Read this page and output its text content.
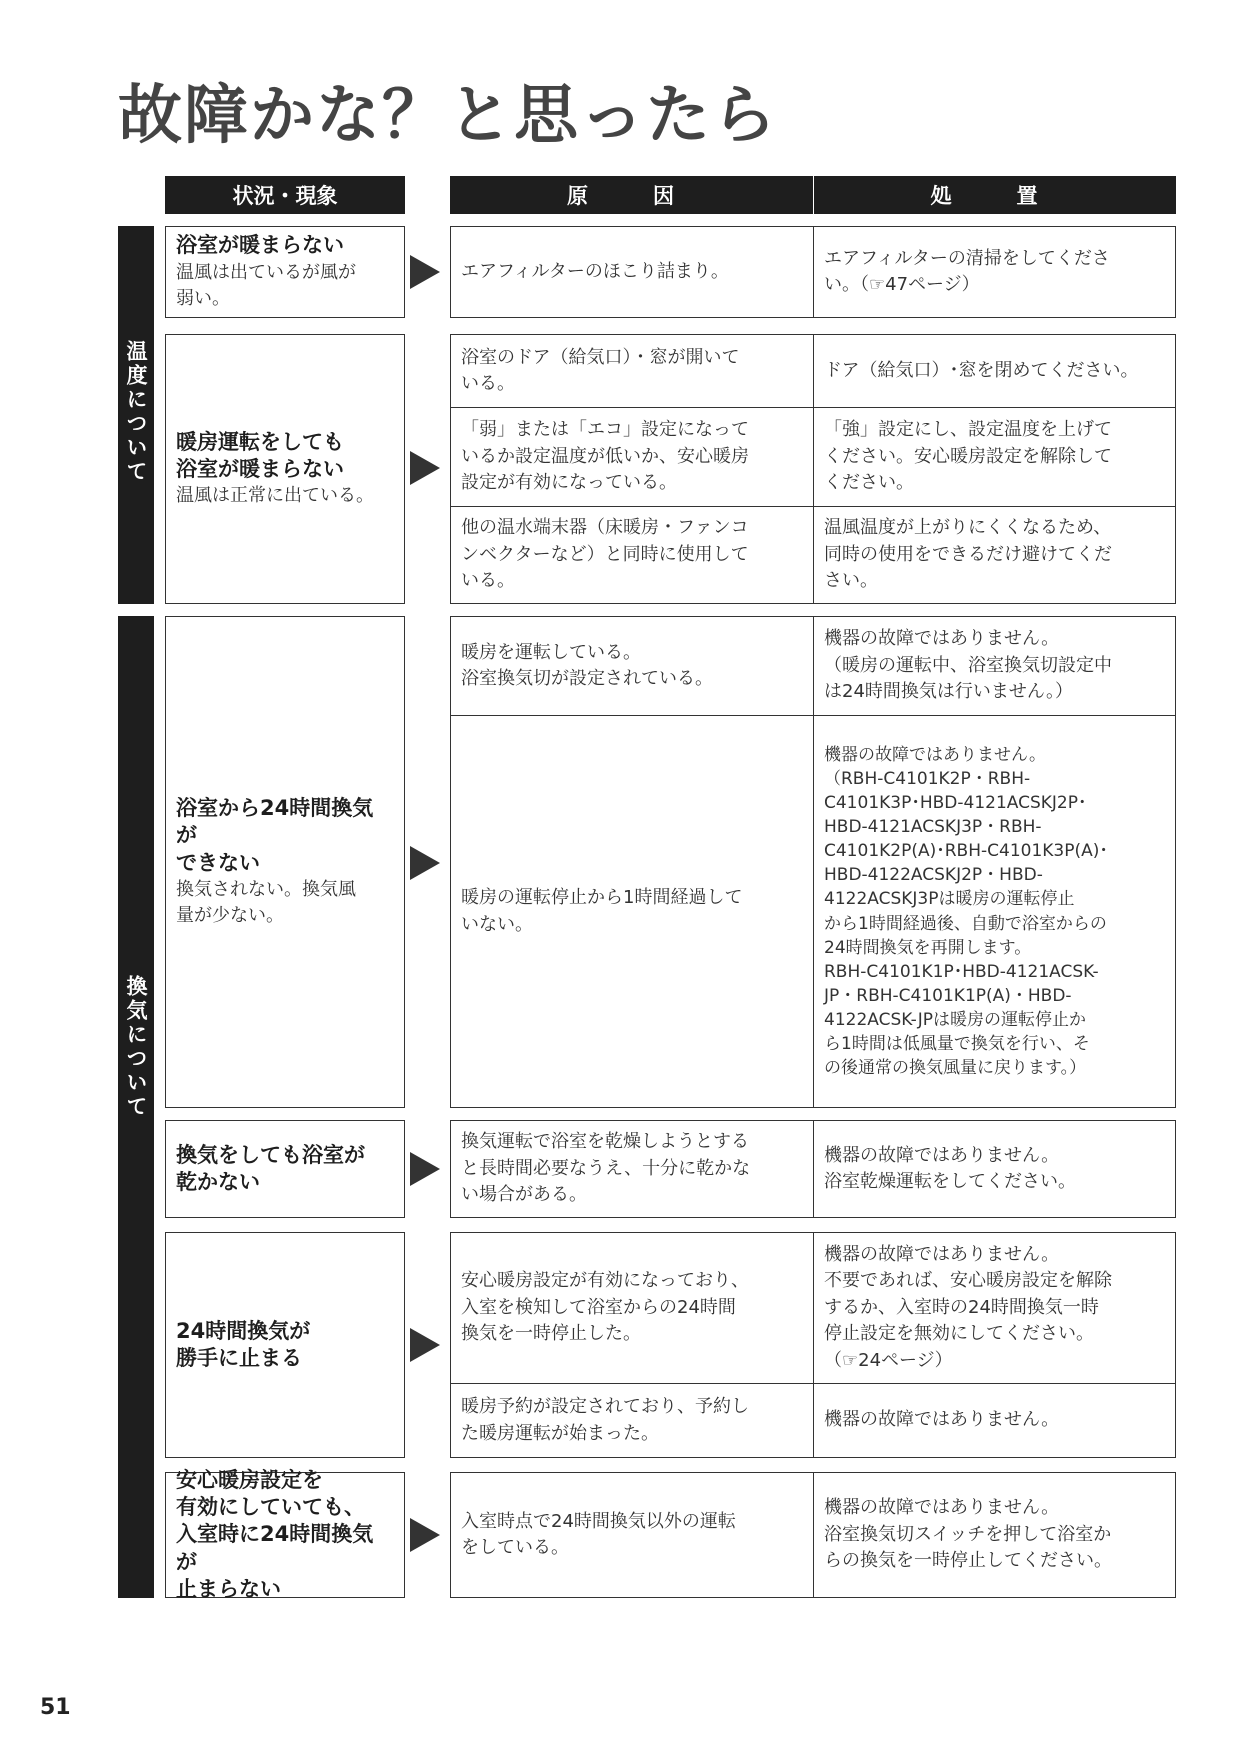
故障かな？と思ったら
状況・現象	原　因	処　置
温度について
換気について
浴室が暖まらない
温風は出ているが風が
弱い。
エアフィルターのほこり詰まり。
エアフィルターの清掃をしてくださ
い。（☞47ページ）
暖房運転をしても
浴室が暖まらない
温風は正常に出ている。
浴室のドア（給気口）・窓が開いて
いる。
ドア（給気口）･窓を閉めてください。
「弱」または「エコ」設定になって
いるか設定温度が低いか、安心暖房
設定が有効になっている。
「強」設定にし、設定温度を上げて
ください。安心暖房設定を解除して
ください。
他の温水端末器（床暖房・ファンコ
ンベクターなど）と同時に使用して
いる。
温風温度が上がりにくくなるため、
同時の使用をできるだけ避けてくだ
さい。
浴室から24時間換気が
できない
換気されない。換気風
量が少ない。
暖房を運転している。
浴室換気切が設定されている。
機器の故障ではありません。
（暖房の運転中、浴室換気切設定中
は24時間換気は行いません。）
暖房の運転停止から1時間経過して
いない。
機器の故障ではありません。
（RBH-C4101K2P・RBH-
C4101K3P･HBD-4121ACSKJ2P･
HBD-4121ACSKJ3P・RBH-
C4101K2P(A)･RBH-C4101K3P(A)･
HBD-4122ACSKJ2P・HBD-
4122ACSKJ3Pは暖房の運転停止
から1時間経過後、自動で浴室からの
24時間換気を再開します。
RBH-C4101K1P･HBD-4121ACSK-
JP・RBH-C4101K1P(A)・HBD-
4122ACSK-JPは暖房の運転停止か
ら1時間は低風量で換気を行い、そ
の後通常の換気風量に戻ります。）
換気をしても浴室が
乾かない
換気運転で浴室を乾燥しようとする
と長時間必要なうえ、十分に乾かな
い場合がある。
機器の故障ではありません。
浴室乾燥運転をしてください。
24時間換気が
勝手に止まる
安心暖房設定が有効になっており、
入室を検知して浴室からの24時間
換気を一時停止した。
機器の故障ではありません。
不要であれば、安心暖房設定を解除
するか、入室時の24時間換気一時
停止設定を無効にしてください。
（☞24ページ）
暖房予約が設定されており、予約し
た暖房運転が始まった。
機器の故障ではありません。
安心暖房設定を
有効にしていても、
入室時に24時間換気が
止まらない
入室時点で24時間換気以外の運転
をしている。
機器の故障ではありません。
浴室換気切スイッチを押して浴室か
らの換気を一時停止してください。
51
